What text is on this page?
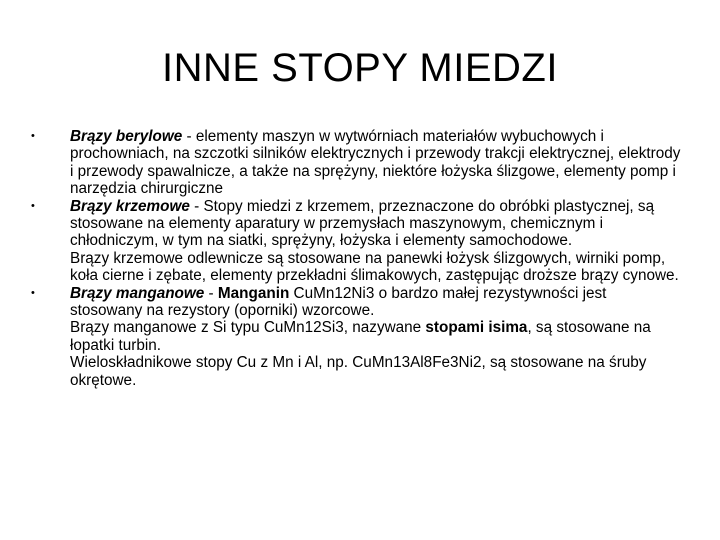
INNE STOPY MIEDZI
• Brązy berylowe - elementy maszyn w wytwórniach materiałów wybuchowych i prochowniach, na szczotki silników elektrycznych i przewody trakcji elektrycznej, elektrody i przewody spawalnicze, a także na sprężyny, niektóre łożyska ślizgowe, elementy pomp i narzędzia chirurgiczne

• Brązy krzemowe - Stopy miedzi z krzemem, przeznaczone do obróbki plastycznej, są stosowane na elementy aparatury w przemysłach maszynowym, chemicznym i chłodniczym, w tym na siatki, sprężyny, łożyska i elementy samochodowe.

Brązy krzemowe odlewnicze są stosowane na panewki łożysk ślizgowych, wirniki pomp, koła cierne i zębate, elementy przekładni ślimakowych, zastępując droższe brązy cynowe.

• Brązy manganowe - Manganin CuMn12Ni3 o bardzo małej rezystywności jest stosowany na rezystory (oporniki) wzorcowe.

Brązy manganowe z Si typu CuMn12Si3, nazywane stopami isima, są stosowane na łopatki turbin.

Wieloskładnikowe stopy Cu z Mn i Al, np. CuMn13Al8Fe3Ni2, są stosowane na śruby okrętowe.
